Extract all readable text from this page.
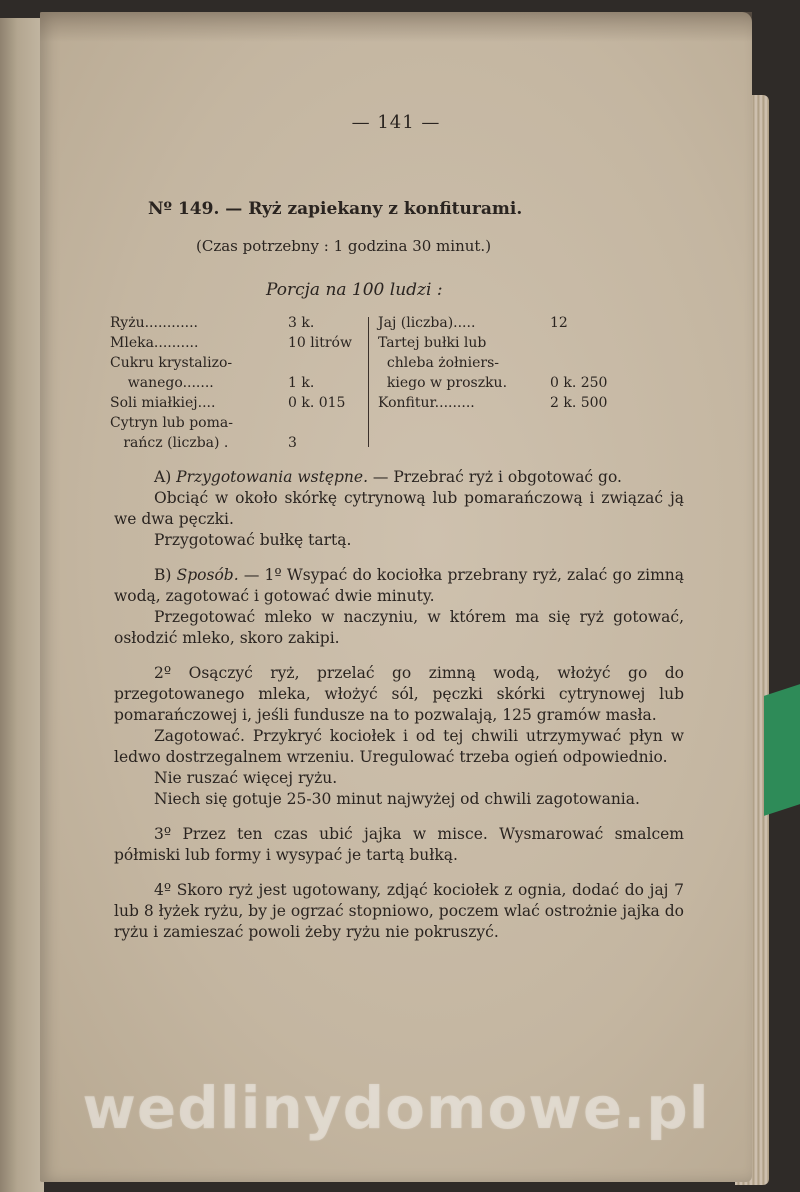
— 141 —
Nº 149. — Ryż zapiekany z konfiturami.
(Czas potrzebny : 1 godzina 30 minut.)
Porcja na 100 ludzi :
Ryżu............	3 k.
Mleka..........	10 litrów
Cukru krystalizo-
wanego.......	1 k.
Soli miałkiej....	0 k. 015
Cytryn lub poma-
rańcz (liczba) .	3
Jaj (liczba).....	12
Tartej bułki lub
chleba żołniers-
kiego w proszku.	0 k. 250
Konfitur.........	2 k. 500

A) Przygotowania wstępne. — Przebrać ryż i obgotować go.

Obciąć w około skórkę cytrynową lub pomarańczową i związać ją we dwa pęczki.

Przygotować bułkę tartą.

B) Sposób. — 1º Wsypać do kociołka przebrany ryż, zalać go zimną wodą, zagotować i gotować dwie minuty.

Przegotować mleko w naczyniu, w którem ma się ryż gotować, osłodzić mleko, skoro zakipi.

2º Osączyć ryż, przelać go zimną wodą, włożyć go do przegotowanego mleka, włożyć sól, pęczki skórki cytrynowej lub pomarańczowej i, jeśli fundusze na to pozwalają, 125 gramów masła.

Zagotować. Przykryć kociołek i od tej chwili utrzymywać płyn w ledwo dostrzegalnem wrzeniu. Uregulować trzeba ogień odpowiednio.

Nie ruszać więcej ryżu.

Niech się gotuje 25-30 minut najwyżej od chwili zagotowania.

3º Przez ten czas ubić jajka w misce. Wysmarować smalcem półmiski lub formy i wysypać je tartą bułką.

4º Skoro ryż jest ugotowany, zdjąć kociołek z ognia, dodać do jaj 7 lub 8 łyżek ryżu, by je ogrzać stopniowo, poczem wlać ostrożnie jajka do ryżu i zamieszać powoli żeby ryżu nie pokruszyć.

wedlinydomowe.pl
